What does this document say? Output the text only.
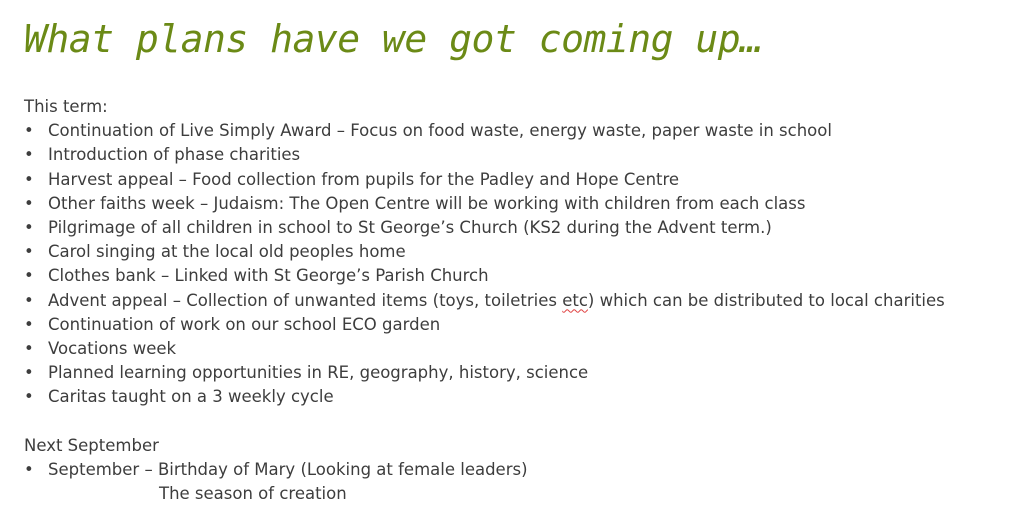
What plans have we got coming up…

This term:

• Continuation of Live Simply Award – Focus on food waste, energy waste, paper waste in school
• Introduction of phase charities
• Harvest appeal – Food collection from pupils for the Padley and Hope Centre
• Other faiths week – Judaism: The Open Centre will be working with children from each class
• Pilgrimage of all children in school to St George’s Church (KS2 during the Advent term.)
• Carol singing at the local old peoples home
• Clothes bank – Linked with St George’s Parish Church
• Advent appeal – Collection of unwanted items (toys, toiletries etc) which can be distributed to local charities
• Continuation of work on our school ECO garden
• Vocations week
• Planned learning opportunities in RE, geography, history, science
• Caritas taught on a 3 weekly cycle

Next September

• September – Birthday of Mary (Looking at female leaders)
The season of creation
